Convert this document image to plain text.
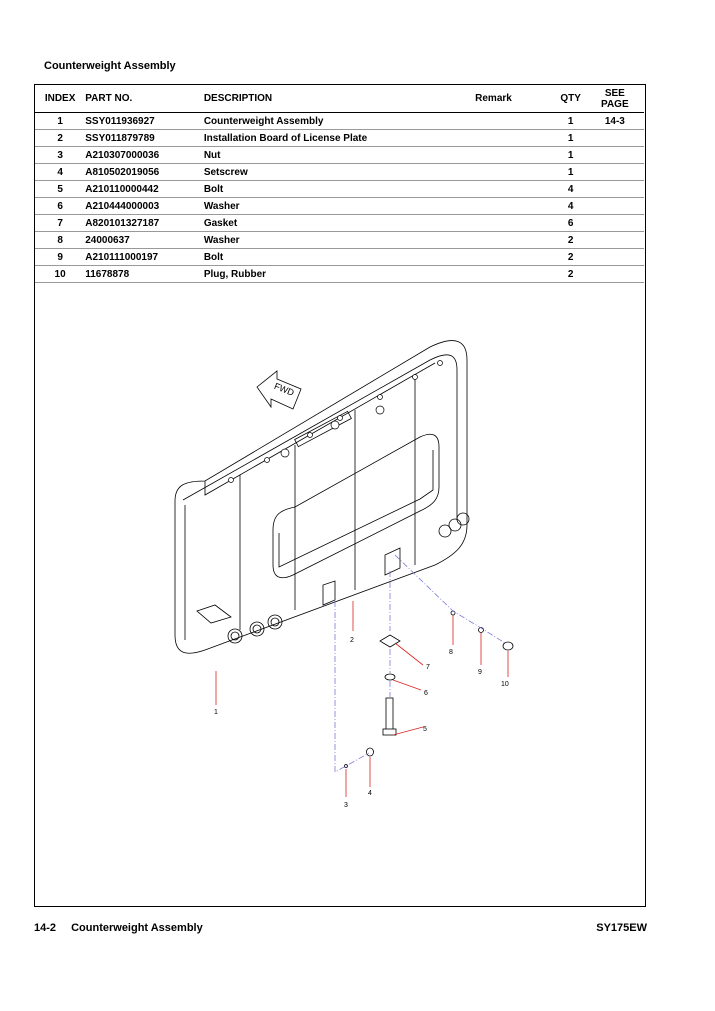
Counterweight Assembly
INDEX	PART NO.	DESCRIPTION	Remark	QTY	SEE
PAGE
1	SSY011936927	Counterweight Assembly		1	14-3
2	SSY011879789	Installation Board of License Plate		1	
3	A210307000036	Nut		1	
4	A810502019056	Setscrew		1	
5	A210110000442	Bolt		4	
6	A210444000003	Washer		4	
7	A820101327187	Gasket		6	
8	24000637	Washer		2	
9	A210111000197	Bolt		2	
10	11678878	Plug, Rubber		2	
FWD
1
2
3
4
5
6
7
8
9
10
14-2 Counterweight Assembly	SY175EW
